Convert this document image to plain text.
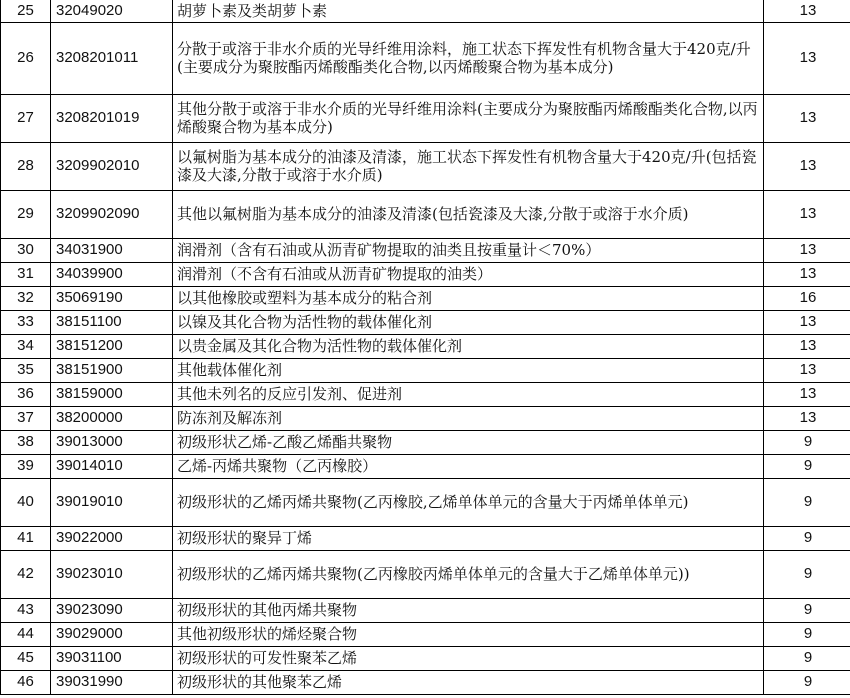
25	32049020	胡萝卜素及类胡萝卜素	13
26	3208201011	分散于或溶于非水介质的光导纤维用涂料，施工状态下挥发性有机物含量大于420克/升(主要成分为聚胺酯丙烯酸酯类化合物,以丙烯酸聚合物为基本成分)	13
27	3208201019	其他分散于或溶于非水介质的光导纤维用涂料(主要成分为聚胺酯丙烯酸酯类化合物,以丙烯酸聚合物为基本成分)	13
28	3209902010	以氟树脂为基本成分的油漆及清漆，施工状态下挥发性有机物含量大于420克/升(包括瓷漆及大漆,分散于或溶于水介质)	13
29	3209902090	其他以氟树脂为基本成分的油漆及清漆(包括瓷漆及大漆,分散于或溶于水介质)	13
30	34031900	润滑剂（含有石油或从沥青矿物提取的油类且按重量计＜70%）	13
31	34039900	润滑剂（不含有石油或从沥青矿物提取的油类）	13
32	35069190	以其他橡胶或塑料为基本成分的粘合剂	16
33	38151100	以镍及其化合物为活性物的载体催化剂	13
34	38151200	以贵金属及其化合物为活性物的载体催化剂	13
35	38151900	其他载体催化剂	13
36	38159000	其他未列名的反应引发剂、促进剂	13
37	38200000	防冻剂及解冻剂	13
38	39013000	初级形状乙烯-乙酸乙烯酯共聚物	9
39	39014010	乙烯-丙烯共聚物（乙丙橡胶）	9
40	39019010	初级形状的乙烯丙烯共聚物(乙丙橡胶,乙烯单体单元的含量大于丙烯单体单元)	9
41	39022000	初级形状的聚异丁烯	9
42	39023010	初级形状的乙烯丙烯共聚物(乙丙橡胶丙烯单体单元的含量大于乙烯单体单元))	9
43	39023090	初级形状的其他丙烯共聚物	9
44	39029000	其他初级形状的烯烃聚合物	9
45	39031100	初级形状的可发性聚苯乙烯	9
46	39031990	初级形状的其他聚苯乙烯	9
